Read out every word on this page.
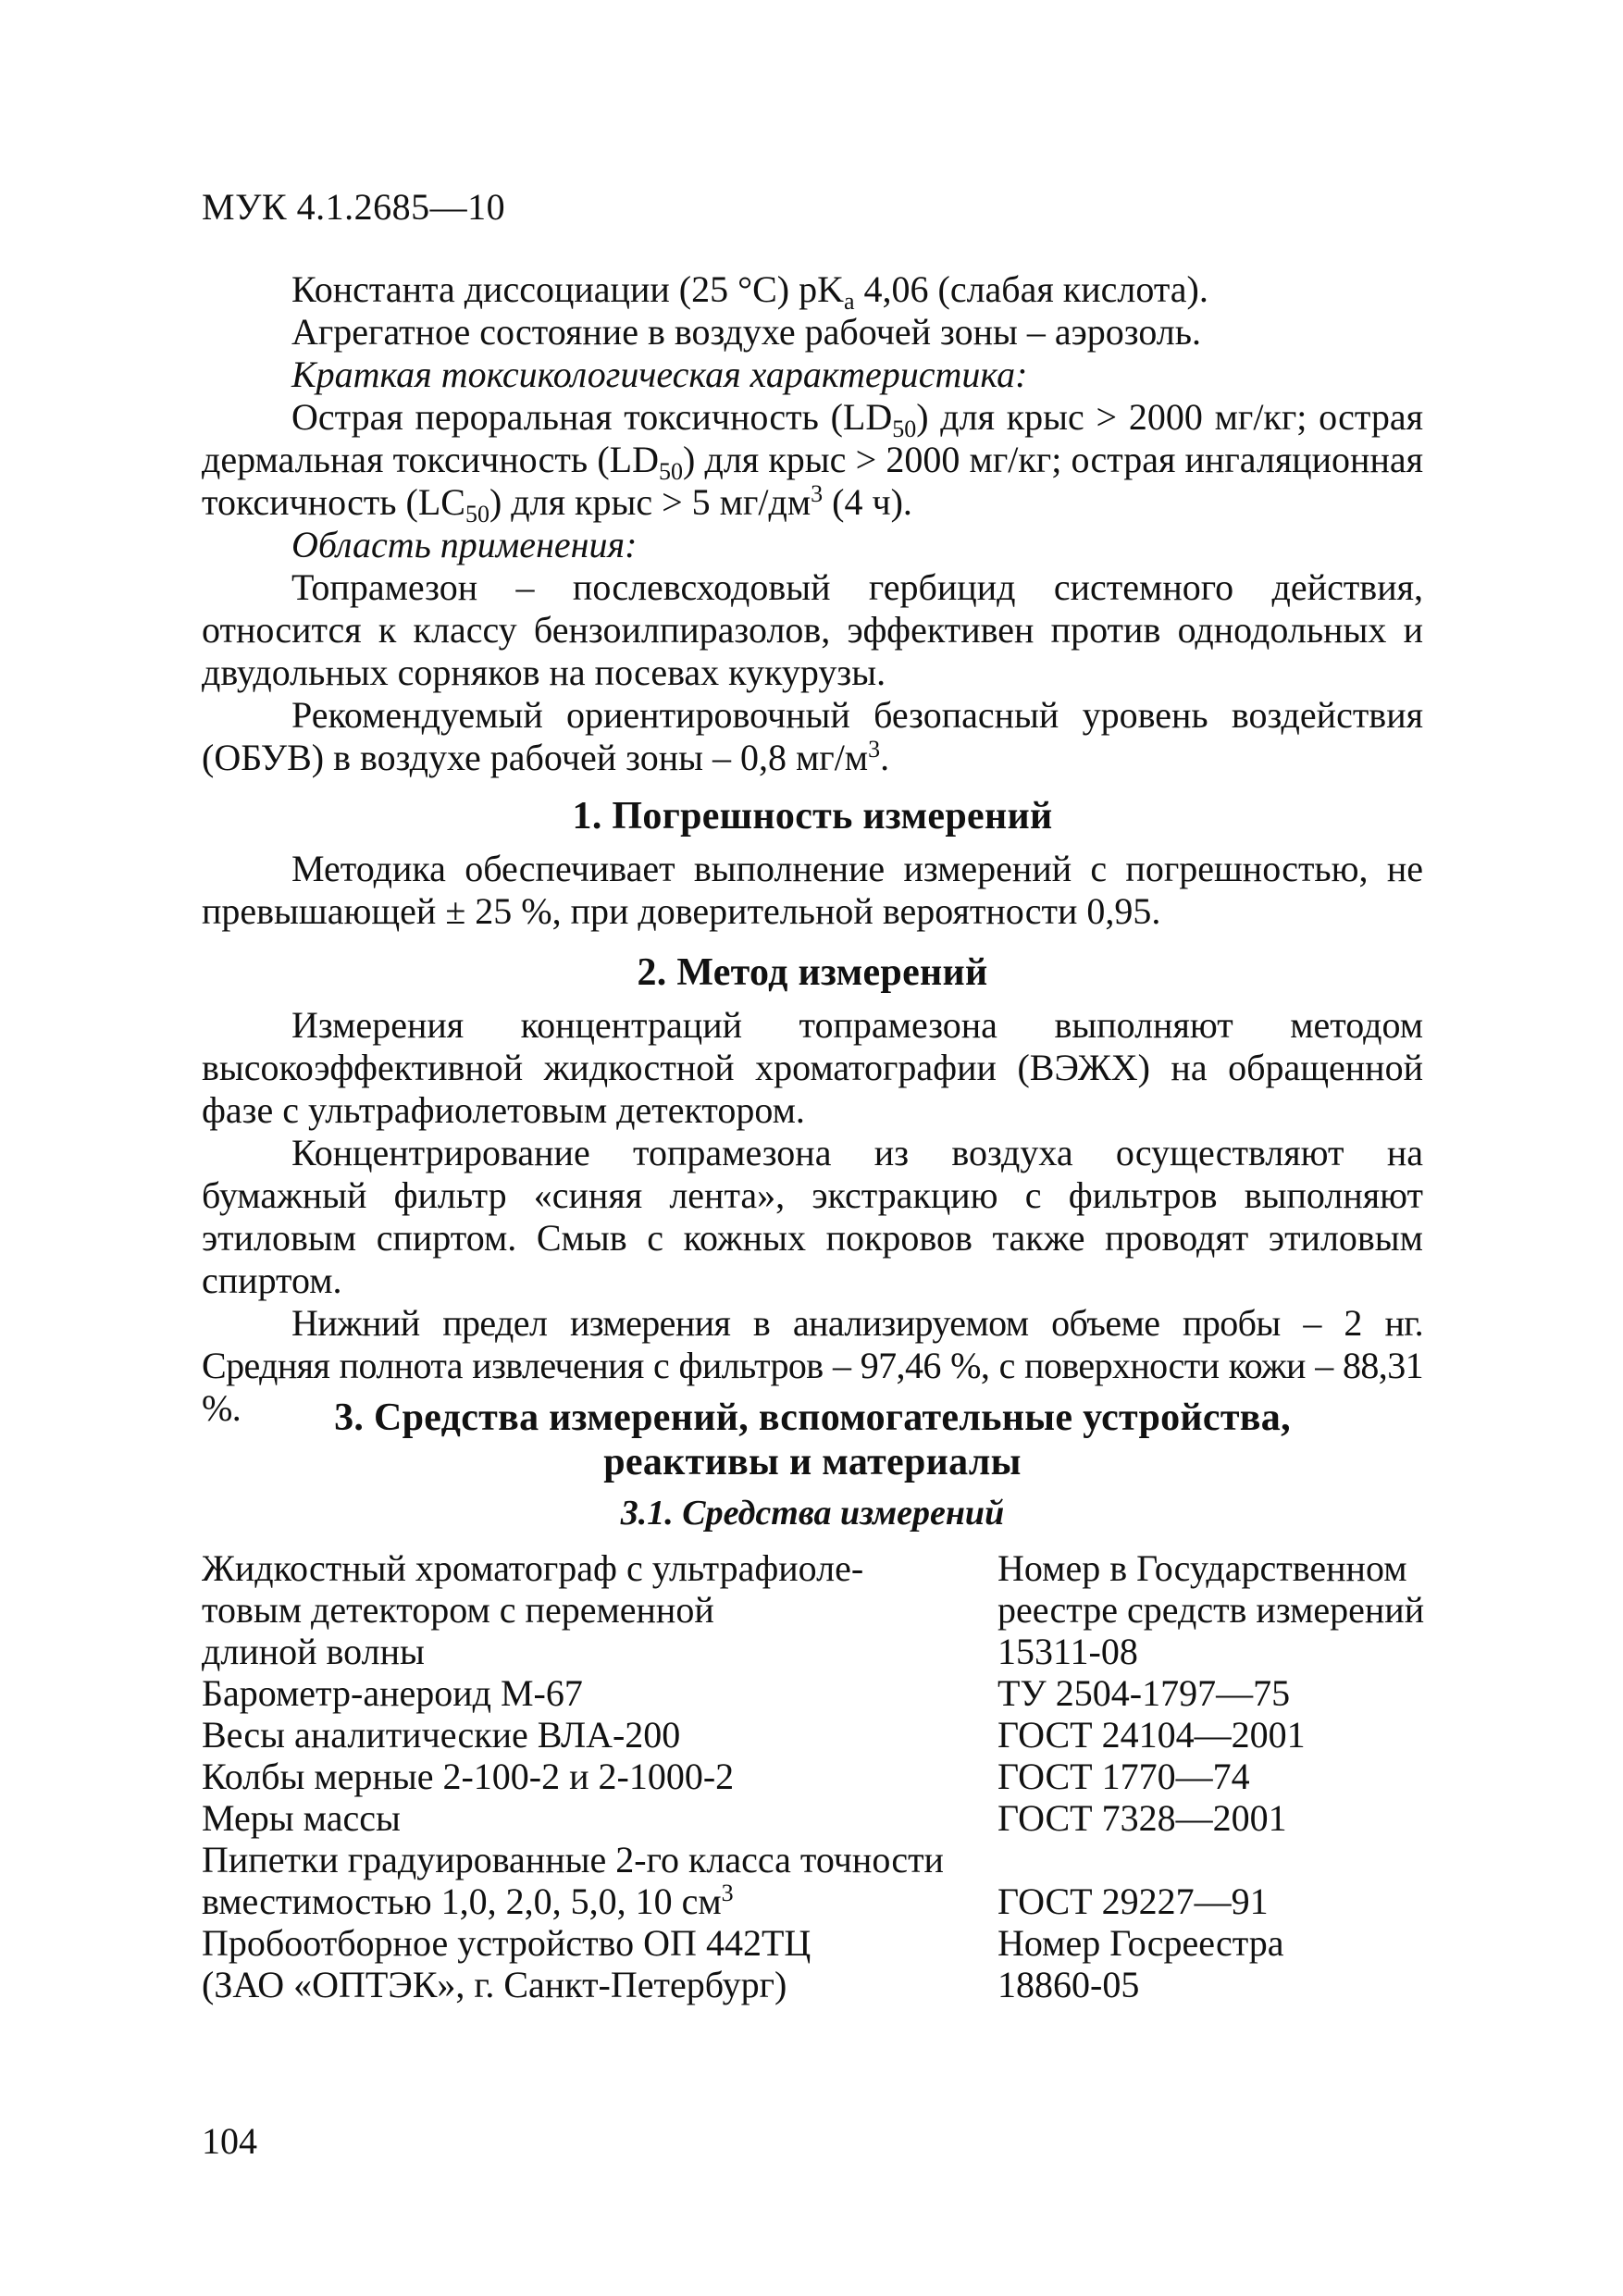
МУК 4.1.2685—10

Константа диссоциации (25 °С) $pK_a$ 4,06 (слабая кислота).

Агрегатное состояние в воздухе рабочей зоны – аэрозоль.

Краткая токсикологическая характеристика:

Острая пероральная токсичность $(LD_{50})$ для крыс > 2000 мг/кг; острая дермальная токсичность $(LD_{50})$ для крыс > 2000 мг/кг; острая ингаляционная токсичность $(LC_{50})$ для крыс > 5 $мг/дм^3$ (4 ч).

Область применения:

Топрамезон – послевсходовый гербицид системного действия, относится к классу бензоилпиразолов, эффективен против однодольных и двудольных сорняков на посевах кукурузы.

Рекомендуемый ориентировочный безопасный уровень воздействия (ОБУВ) в воздухе рабочей зоны – 0,8 $мг/м^3$.

1. Погрешность измерений

Методика обеспечивает выполнение измерений с погрешностью, не превышающей ± 25 %, при доверительной вероятности 0,95.

2. Метод измерений

Измерения концентраций топрамезона выполняют методом высокоэффективной жидкостной хроматографии (ВЭЖХ) на обращенной фазе с ультрафиолетовым детектором.

Концентрирование топрамезона из воздуха осуществляют на бумажный фильтр «синяя лента», экстракцию с фильтров выполняют этиловым спиртом. Смыв с кожных покровов также проводят этиловым спиртом.

Нижний предел измерения в анализируемом объеме пробы – 2 нг. Средняя полнота извлечения с фильтров – 97,46 %, с поверхности кожи – 88,31 %.	3. Средства измерений, вспомогательные устройства,
реактивы и материалы
3.1. Средства измерений
Жидкостный хроматограф с ультрафиоле-	Номер в Государственном
товым детектором с переменной	реестре средств измерений
длиной волны	15311-08
Барометр-анероид М-67	ТУ 2504-1797—75
Весы аналитические ВЛА-200	ГОСТ 24104—2001
Колбы мерные 2-100-2 и 2-1000-2	ГОСТ 1770—74
Меры массы	ГОСТ 7328—2001
Пипетки градуированные 2-го класса точности	
вместимостью 1,0, 2,0, 5,0, 10 $см^3$	ГОСТ 29227—91
Пробоотборное устройство ОП 442ТЦ	Номер Госреестра
(ЗАО «ОПТЭК», г. Санкт-Петербург)	18860-05
104
